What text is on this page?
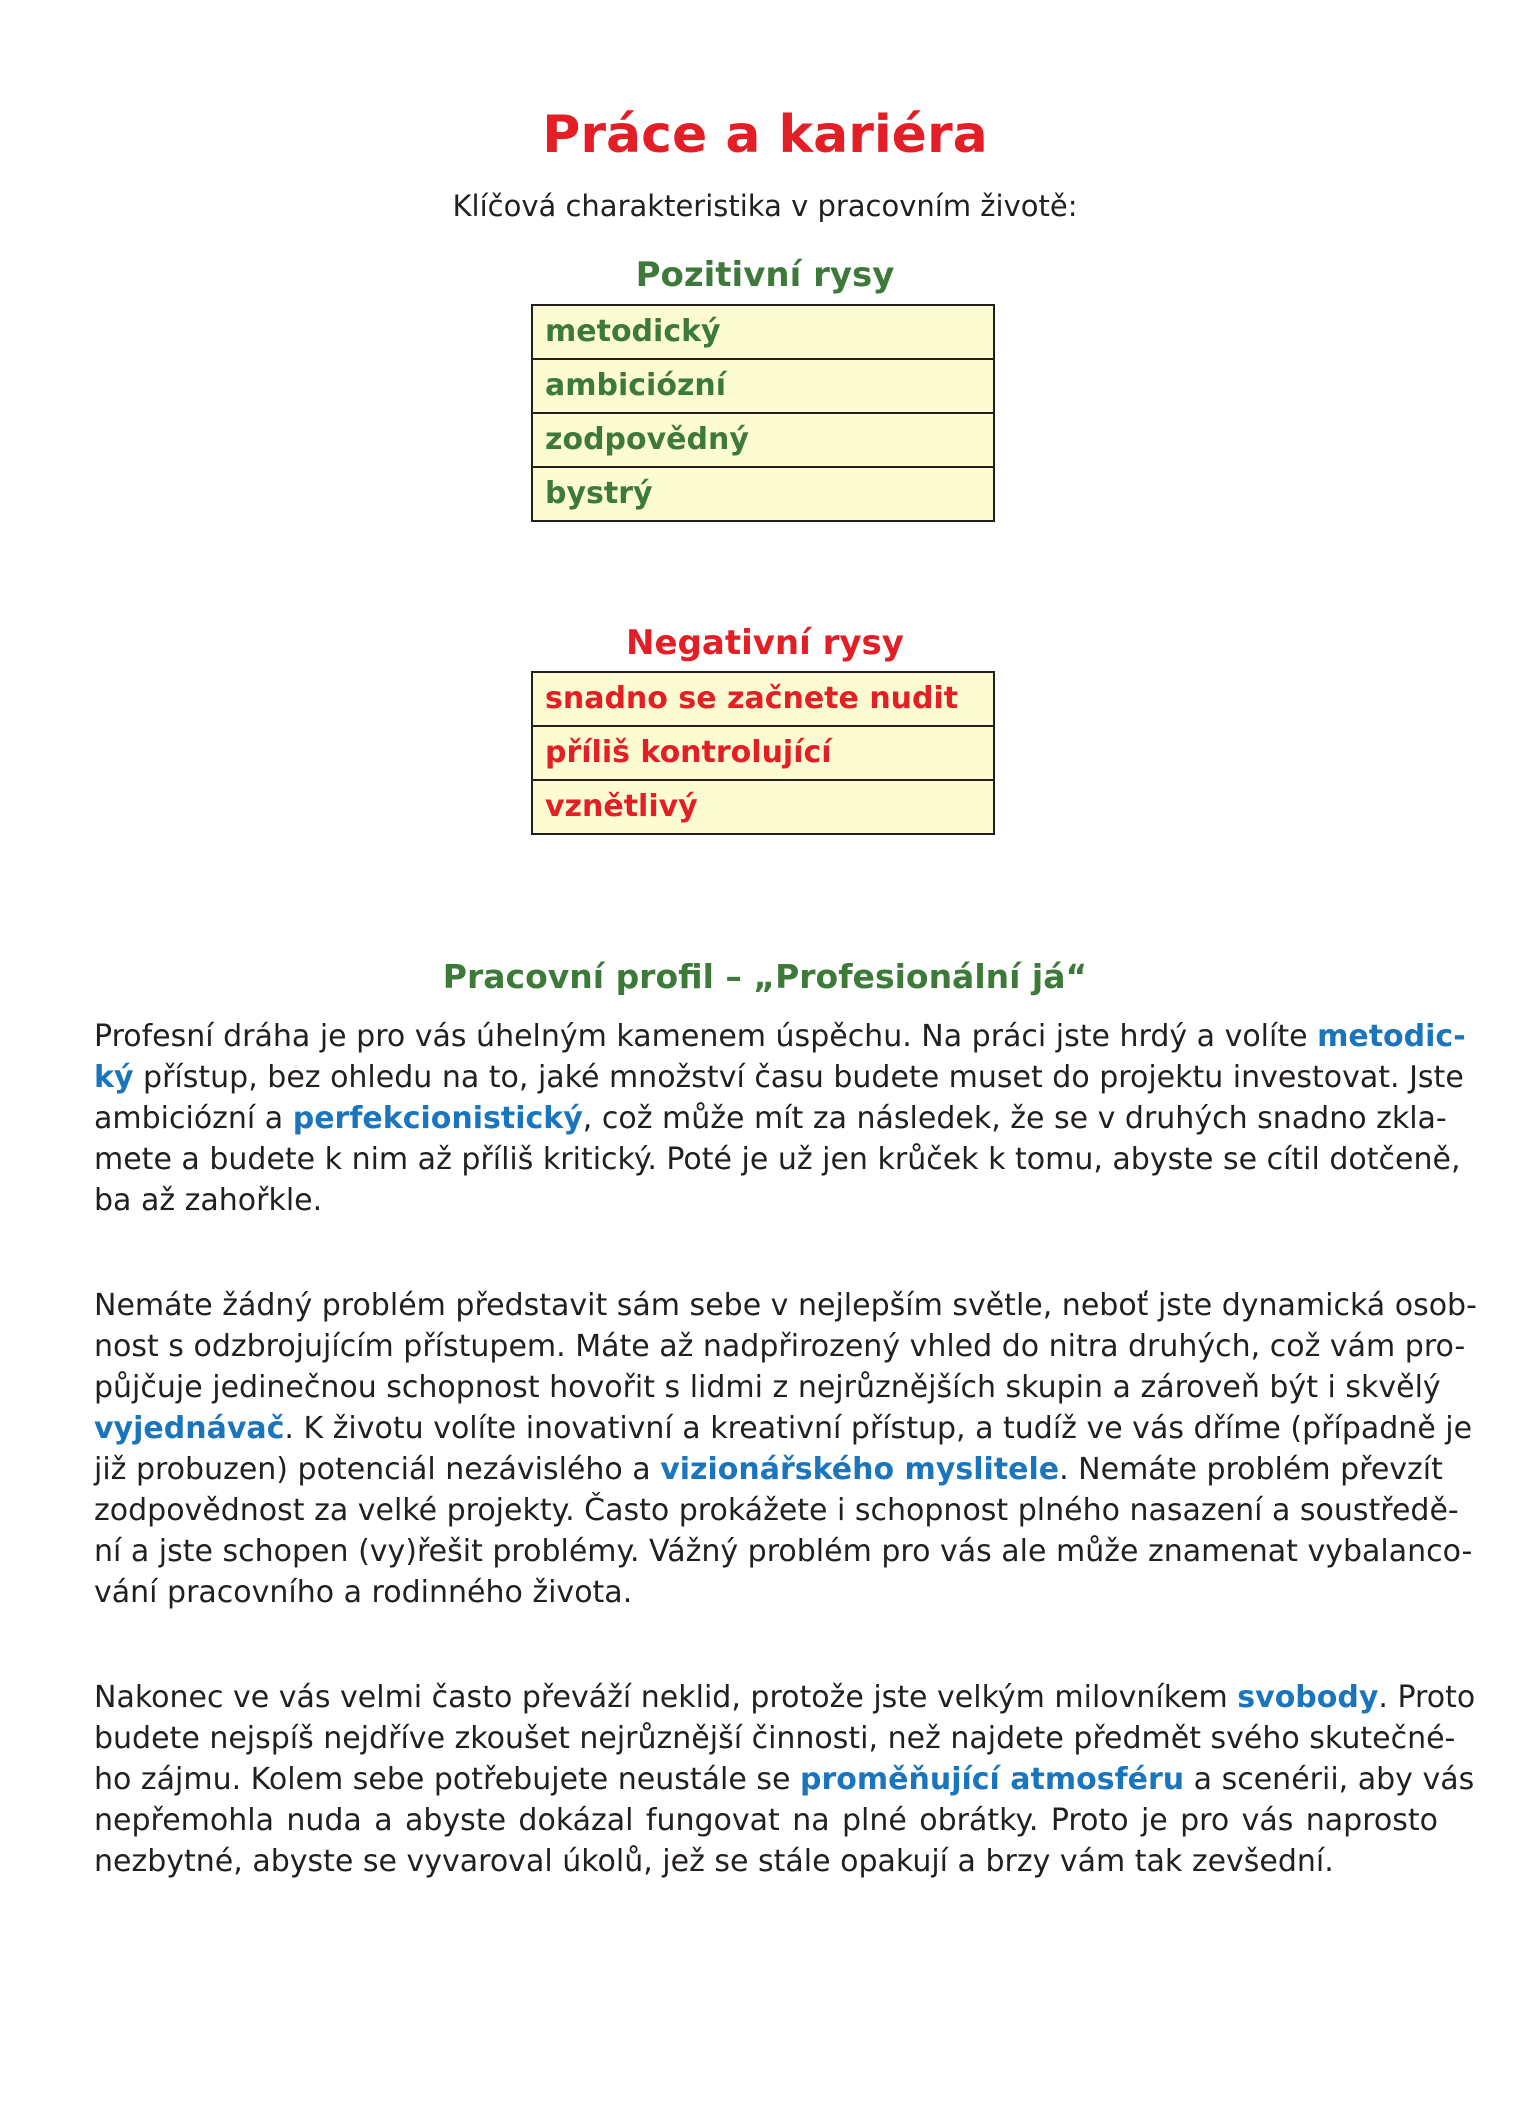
Práce a kariéra
Klíčová charakteristika v pracovním životě:
Pozitivní rysy
metodický
ambiciózní
zodpovědný
bystrý
Negativní rysy
snadno se začnete nudit
příliš kontrolující
vznětlivý
Pracovní profil – „Profesionální já“
Profesní dráha je pro vás úhelným kamenem úspěchu. Na práci jste hrdý a volíte metodic-
ký přístup, bez ohledu na to, jaké množství času budete muset do projektu investovat. Jste
ambiciózní a perfekcionistický, což může mít za následek, že se v druhých snadno zkla-
mete a budete k nim až příliš kritický. Poté je už jen krůček k tomu, abyste se cítil dotčeně,
ba až zahořkle.
Nemáte žádný problém představit sám sebe v nejlepším světle, neboť jste dynamická osob-
nost s odzbrojujícím přístupem. Máte až nadpřirozený vhled do nitra druhých, což vám pro-
půjčuje jedinečnou schopnost hovořit s lidmi z nejrůznějších skupin a zároveň být i skvělý
vyjednávač. K životu volíte inovativní a kreativní přístup, a tudíž ve vás dříme (případně je
již probuzen) potenciál nezávislého a vizionářského myslitele. Nemáte problém převzít
zodpovědnost za velké projekty. Často prokážete i schopnost plného nasazení a soustředě-
ní a jste schopen (vy)řešit problémy. Vážný problém pro vás ale může znamenat vybalanco-
vání pracovního a rodinného života.
Nakonec ve vás velmi často převáží neklid, protože jste velkým milovníkem svobody. Proto
budete nejspíš nejdříve zkoušet nejrůznější činnosti, než najdete předmět svého skutečné-
ho zájmu. Kolem sebe potřebujete neustále se proměňující atmosféru a scenérii, aby vás
nepřemohla nuda a abyste dokázal fungovat na plné obrátky. Proto je pro vás naprosto
nezbytné, abyste se vyvaroval úkolů, jež se stále opakují a brzy vám tak zevšední.
